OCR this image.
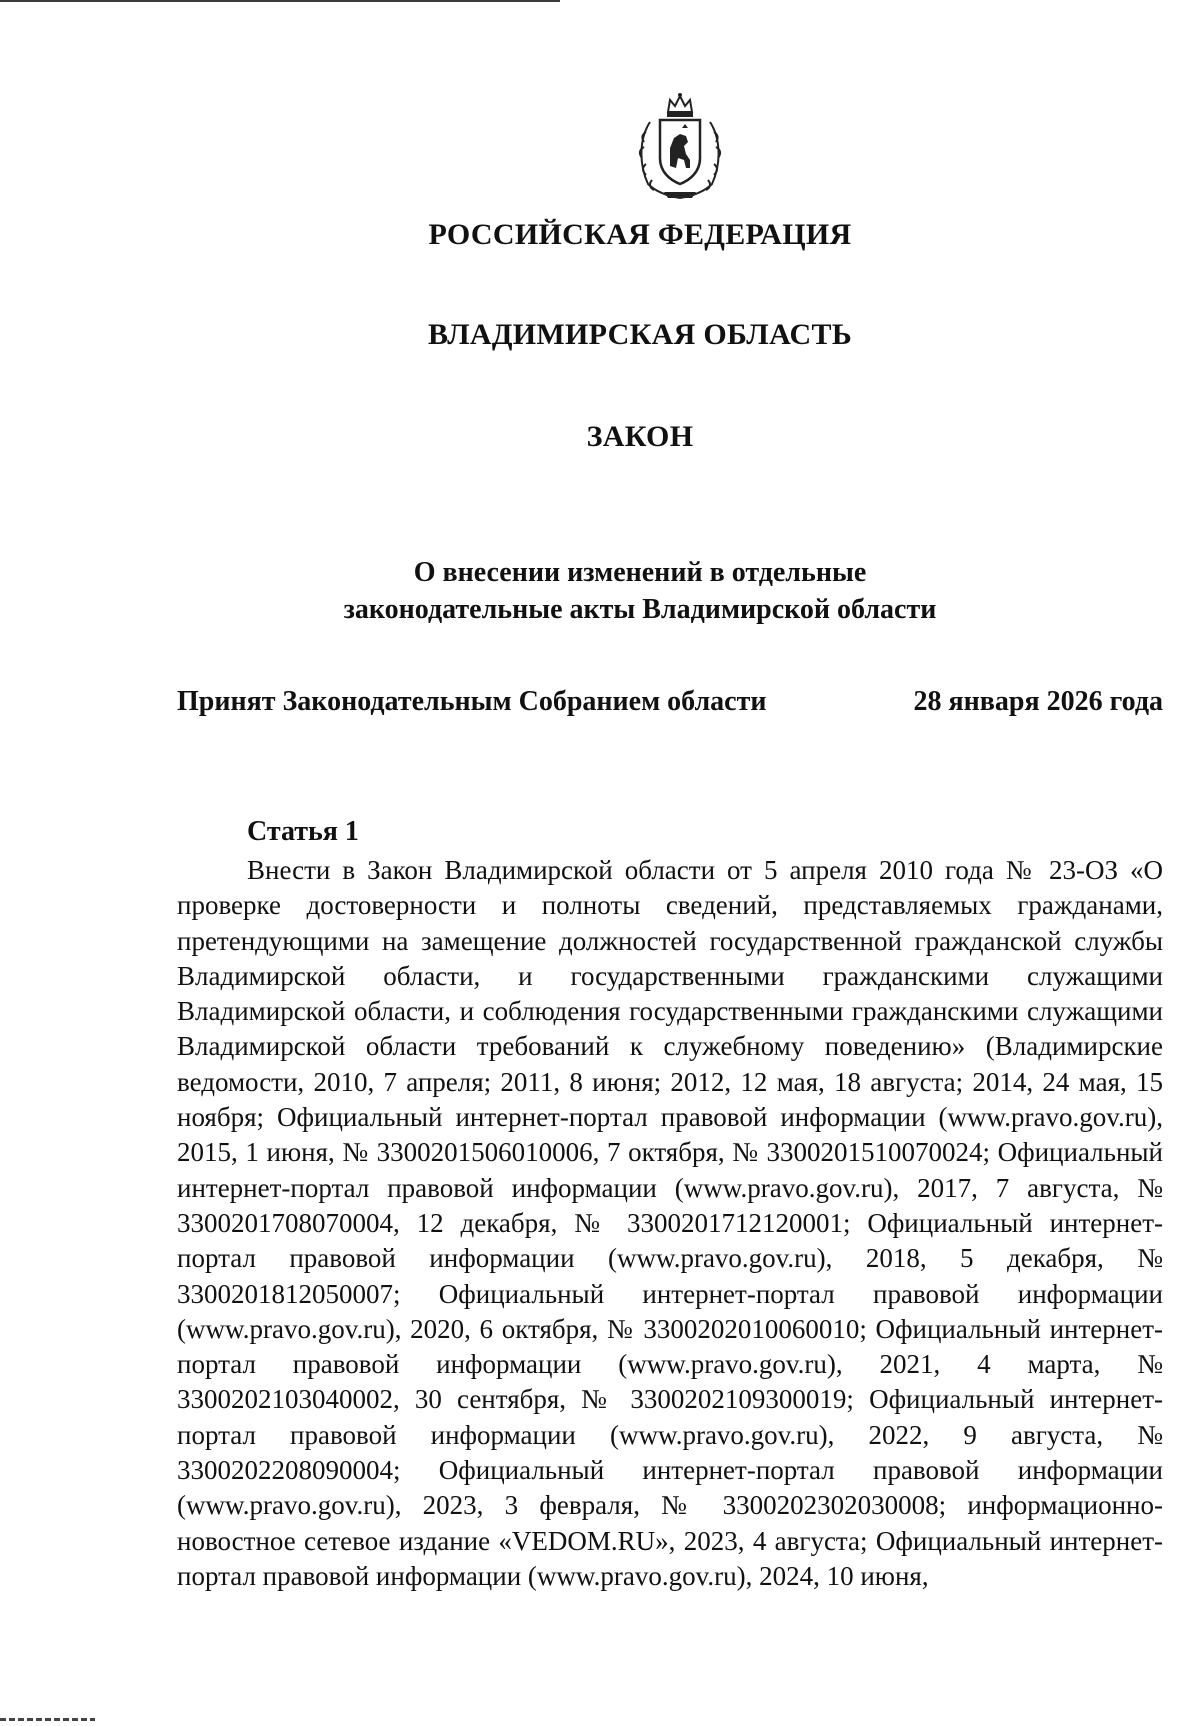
РОССИЙСКАЯ ФЕДЕРАЦИЯ
ВЛАДИМИРСКАЯ ОБЛАСТЬ
ЗАКОН
О внесении изменений в отдельные
законодательные акты Владимирской области
Принят Законодательным Собранием области	28 января 2026 года
Статья 1

Внести в Закон Владимирской области от 5 апреля 2010 года № 23-ОЗ «О проверке достоверности и полноты сведений, представляемых гражданами, претендующими на замещение должностей государственной гражданской службы Владимирской области, и государственными гражданскими служащими Владимирской области, и соблюдения государственными гражданскими служащими Владимирской области требований к служебному поведению» (Владимирские ведомости, 2010, 7 апреля; 2011, 8 июня; 2012, 12 мая, 18 августа; 2014, 24 мая, 15 ноября; Официальный интернет-портал правовой информации (www.pravo.gov.ru), 2015, 1 июня, № 3300201506010006, 7 октября, № 3300201510070024; Официальный интернет-портал правовой информации (www.pravo.gov.ru), 2017, 7 августа, № 3300201708070004, 12 декабря, № 3300201712120001; Официальный интернет-портал правовой информации (www.pravo.gov.ru), 2018, 5 декабря, № 3300201812050007; Официальный интернет-портал правовой информации (www.pravo.gov.ru), 2020, 6 октября, № 3300202010060010; Официальный интернет-портал правовой информации (www.pravo.gov.ru), 2021, 4 марта, № 3300202103040002, 30 сентября, № 3300202109300019; Официальный интернет-портал правовой информации (www.pravo.gov.ru), 2022, 9 августа, № 3300202208090004; Официальный интернет-портал правовой информации (www.pravo.gov.ru), 2023, 3 февраля, № 3300202302030008; информационно-новостное сетевое издание «VEDOM.RU», 2023, 4 августа; Официальный интернет-портал правовой информации (www.pravo.gov.ru), 2024, 10 июня,
